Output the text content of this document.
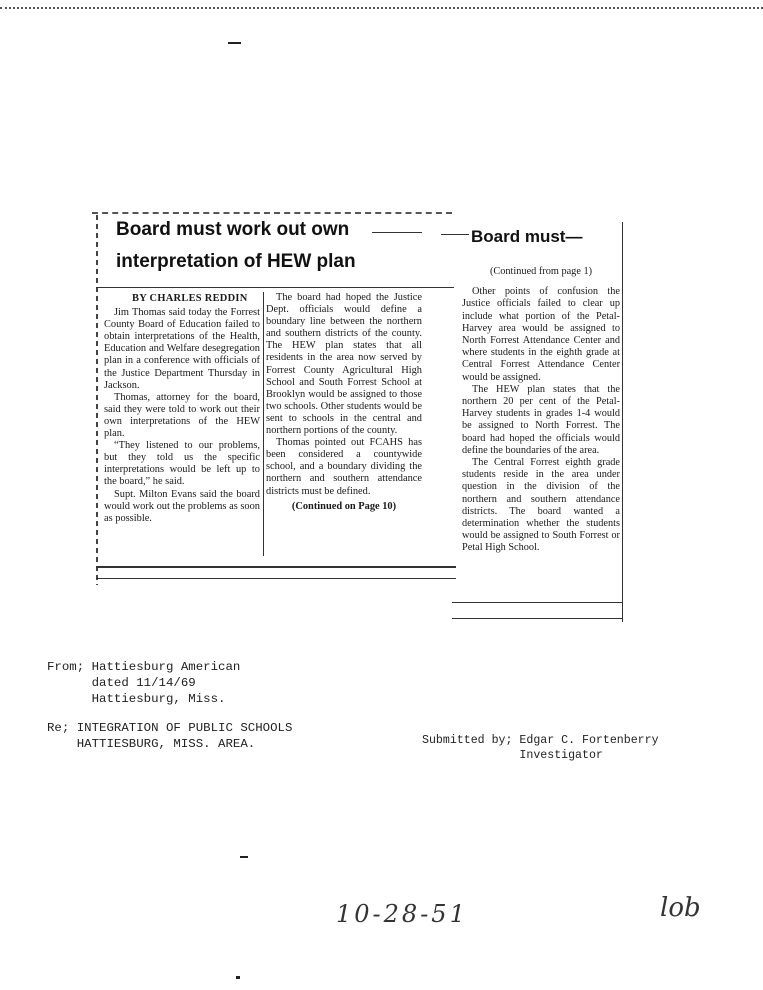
Board must work out own
interpretation of HEW plan

BY CHARLES REDDIN

Jim Thomas said today the Forrest County Board of Education failed to obtain interpretations of the Health, Education and Welfare desegregation plan in a conference with officials of the Justice Department Thursday in Jackson.

Thomas, attorney for the board, said they were told to work out their own interpretations of the HEW plan.

“They listened to our problems, but they told us the specific interpretations would be left up to the board,” he said.

Supt. Milton Evans said the board would work out the problems as soon as possible.

The board had hoped the Justice Dept. officials would define a boundary line between the northern and southern districts of the county. The HEW plan states that all residents in the area now served by Forrest County Agricultural High School and South Forrest School at Brooklyn would be assigned to those two schools. Other students would be sent to schools in the central and northern portions of the county.

Thomas pointed out FCAHS has been considered a countywide school, and a boundary dividing the northern and southern attendance districts must be defined.

(Continued on Page 10)

Board must—

(Continued from page 1)

Other points of confusion the Justice officials failed to clear up include what portion of the Petal-Harvey area would be assigned to North Forrest Attendance Center and where students in the eighth grade at Central Forrest Attendance Center would be assigned.

The HEW plan states that the northern 20 per cent of the Petal-Harvey students in grades 1-4 would be assigned to North Forrest. The board had hoped the officials would define the boundaries of the area.

The Central Forrest eighth grade students reside in the area under question in the division of the northern and southern attendance districts. The board wanted a determination whether the students would be assigned to South Forrest or Petal High School.

From; Hattiesburg American
dated 11/14/69
Hattiesburg, Miss.
Re; INTEGRATION OF PUBLIC SCHOOLS
HATTIESBURG, MISS. AREA.	Submitted by; Edgar C. Fortenberry
Investigator
10-28-51	lob
